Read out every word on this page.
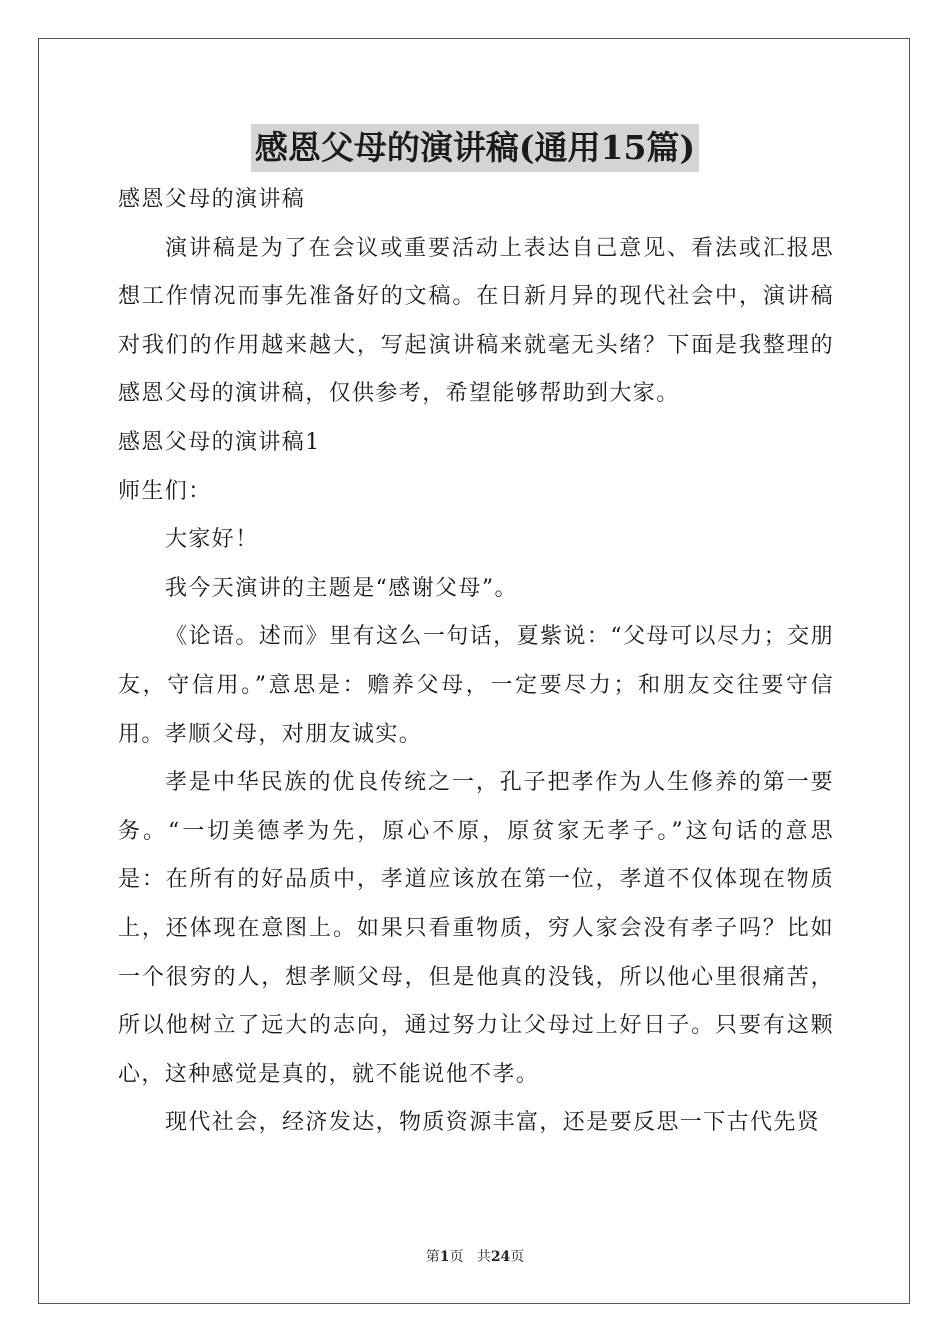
感恩父母的演讲稿(通用15篇)

感恩父母的演讲稿

演讲稿是为了在会议或重要活动上表达自己意见、看法或汇报思想工作情况而事先准备好的文稿。在日新月异的现代社会中，演讲稿对我们的作用越来越大，写起演讲稿来就毫无头绪？下面是我整理的感恩父母的演讲稿，仅供参考，希望能够帮助到大家。

感恩父母的演讲稿1

师生们：

大家好！

我今天演讲的主题是“感谢父母”。

《论语。述而》里有这么一句话，夏紫说：“父母可以尽力；交朋友，守信用。”意思是：赡养父母，一定要尽力；和朋友交往要守信用。孝顺父母，对朋友诚实。

孝是中华民族的优良传统之一，孔子把孝作为人生修养的第一要务。“一切美德孝为先，原心不原，原贫家无孝子。”这句话的意思是：在所有的好品质中，孝道应该放在第一位，孝道不仅体现在物质上，还体现在意图上。如果只看重物质，穷人家会没有孝子吗？比如一个很穷的人，想孝顺父母，但是他真的没钱，所以他心里很痛苦，所以他树立了远大的志向，通过努力让父母过上好日子。只要有这颗心，这种感觉是真的，就不能说他不孝。

现代社会，经济发达，物质资源丰富，还是要反思一下古代先贤

第1页 共24页
